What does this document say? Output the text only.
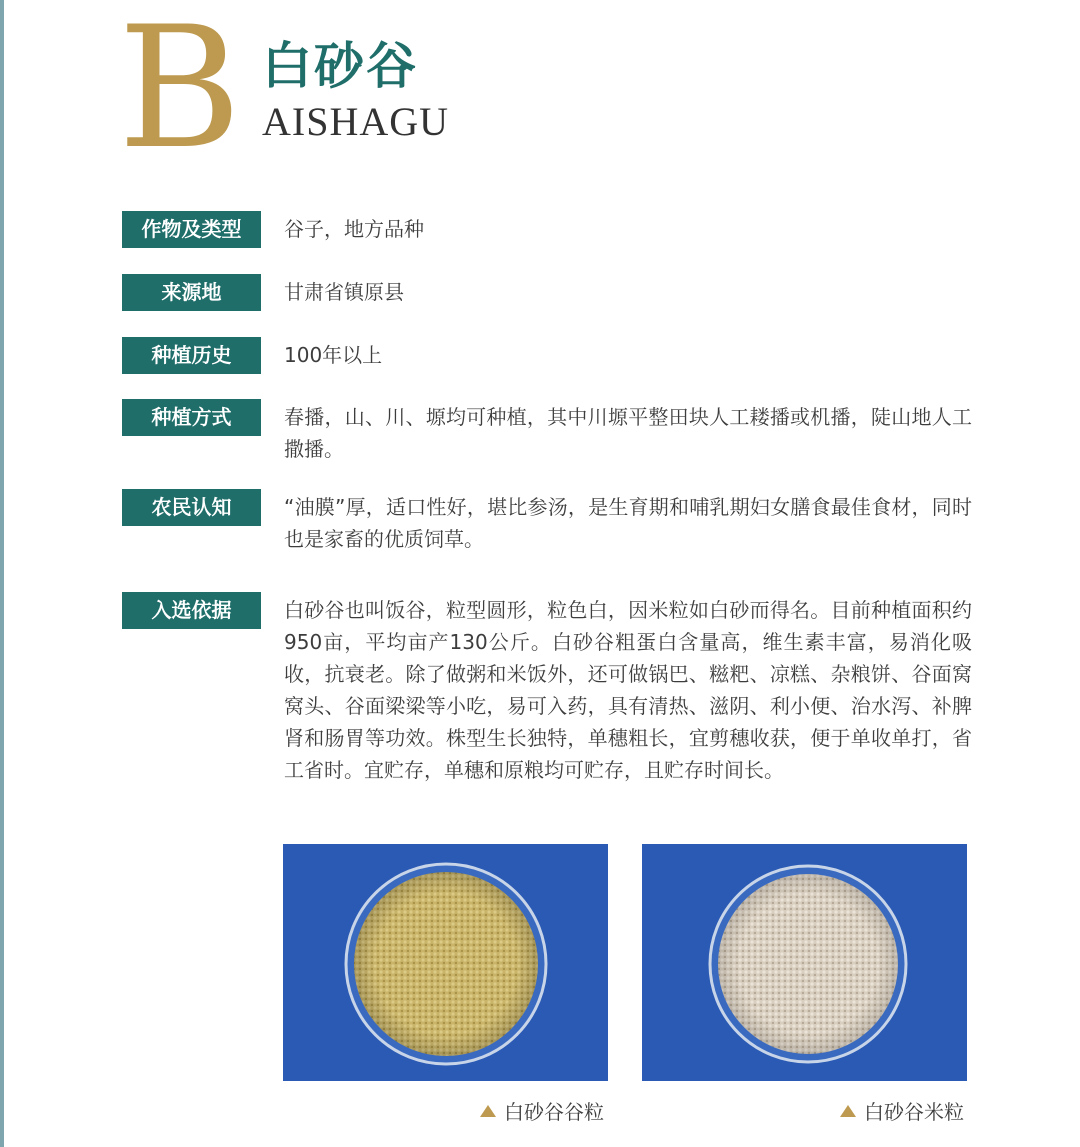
B 白砂谷
AISHAGU
作物及类型	谷子，地方品种
来源地	甘肃省镇原县
种植历史	100年以上
种植方式	春播，山、川、塬均可种植，其中川塬平整田块人工耧播或机播，陡山地人工撒播。
农民认知	“油膜”厚，适口性好，堪比参汤，是生育期和哺乳期妇女膳食最佳食材，同时也是家畜的优质饲草。
入选依据	白砂谷也叫饭谷，粒型圆形，粒色白，因米粒如白砂而得名。目前种植面积约950亩，平均亩产130公斤。白砂谷粗蛋白含量高，维生素丰富，易消化吸收，抗衰老。除了做粥和米饭外，还可做锅巴、糍粑、凉糕、杂粮饼、谷面窝窝头、谷面梁梁等小吃，易可入药，具有清热、滋阴、利小便、治水泻、补脾肾和肠胃等功效。株型生长独特，单穗粗长，宜剪穗收获，便于单收单打，省工省时。宜贮存，单穗和原粮均可贮存，且贮存时间长。
白砂谷谷粒	白砂谷米粒
